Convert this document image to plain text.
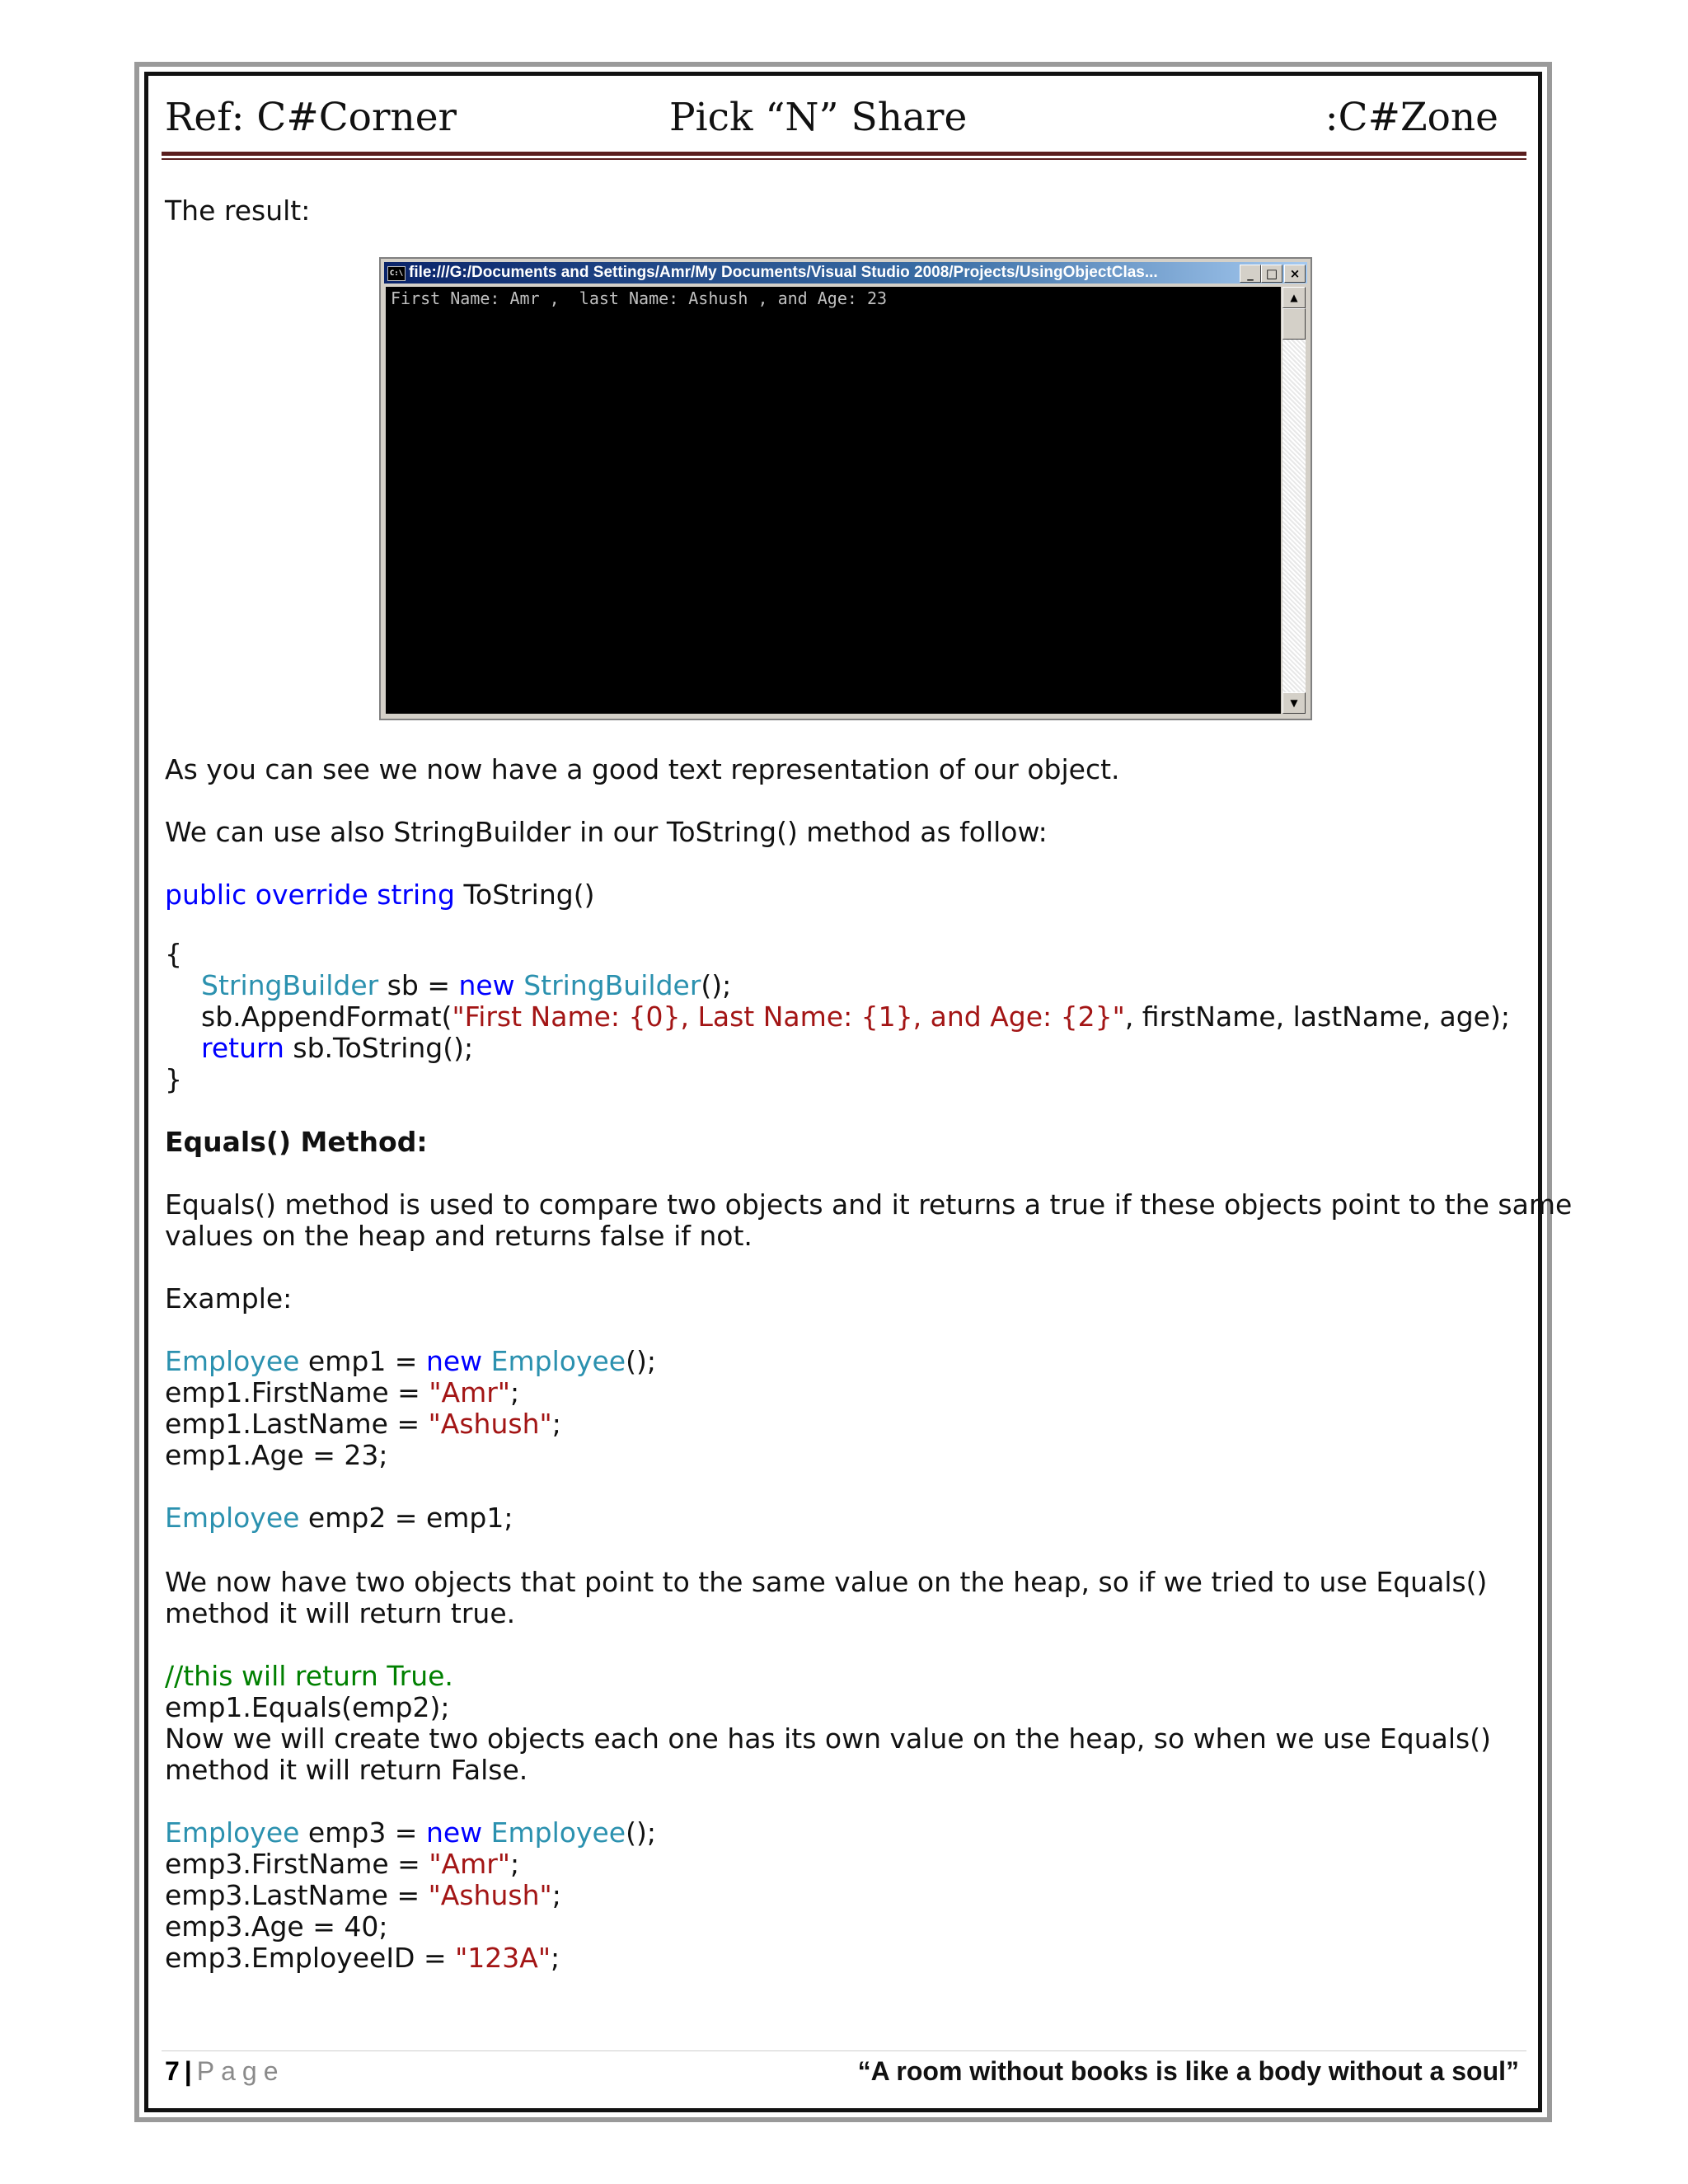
Ref: C#Corner	Pick “N” Share	:C#Zone
The result:
C:\ file:///G:/Documents and Settings/Amr/My Documents/Visual Studio 2008/Projects/UsingObjectClas...	_	□ ×
First Name: Amr ,  last Name: Ashush , and Age: 23	▲
▼
As you can see we now have a good text representation of our object.
We can use also StringBuilder in our ToString() method as follow:
public override string ToString()
{
StringBuilder sb = new StringBuilder();
sb.AppendFormat("First Name: {0}, Last Name: {1}, and Age: {2}", firstName, lastName, age);
return sb.ToString();
}
Equals() Method:
Equals() method is used to compare two objects and it returns a true if these objects point to the same
values on the heap and returns false if not.
Example:
Employee emp1 = new Employee();
emp1.FirstName = "Amr";
emp1.LastName = "Ashush";
emp1.Age = 23;
Employee emp2 = emp1;
We now have two objects that point to the same value on the heap, so if we tried to use Equals()
method it will return true.
//this will return True.
emp1.Equals(emp2);
Now we will create two objects each one has its own value on the heap, so when we use Equals()
method it will return False.
Employee emp3 = new Employee();
emp3.FirstName = "Amr";
emp3.LastName = "Ashush";
emp3.Age = 40;
emp3.EmployeeID = "123A";
7 | Page	“A room without books is like a body without a soul”
